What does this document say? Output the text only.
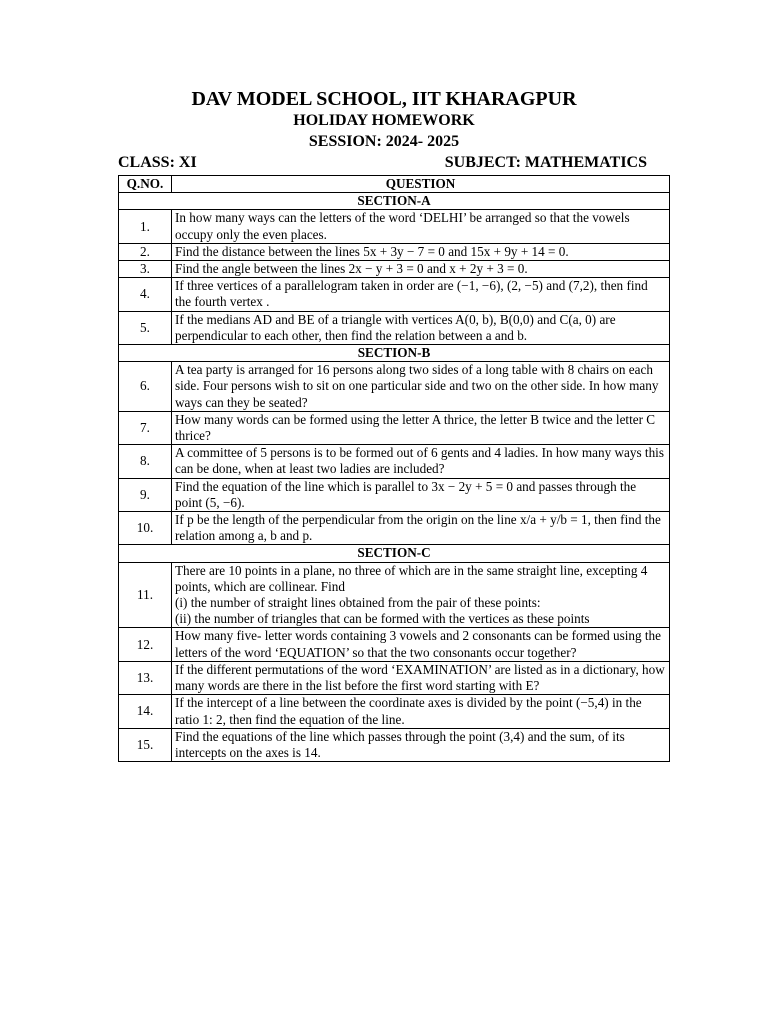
DAV MODEL SCHOOL, IIT KHARAGPUR
HOLIDAY HOMEWORK
SESSION: 2024- 2025
CLASS: XI	SUBJECT: MATHEMATICS
Q.NO.	QUESTION
SECTION-A	
1.	In how many ways can the letters of the word ‘DELHI’ be arranged so that the vowels occupy only the even places.

2.	Find the distance between the lines 5x + 3y − 7 = 0 and 15x + 9y + 14 = 0.

3.	Find the angle between the lines 2x − y + 3 = 0 and x + 2y + 3 = 0.

4.	If three vertices of a parallelogram taken in order are (−1, −6), (2, −5) and (7,2), then find the fourth vertex .

5.	If the medians AD and BE of a triangle with vertices A(0, b), B(0,0) and C(a, 0) are perpendicular to each other, then find the relation between a and b.

SECTION-B	
6.	A tea party is arranged for 16 persons along two sides of a long table with 8 chairs on each side. Four persons wish to sit on one particular side and two on the other side. In how many ways can they be seated?

7.	How many words can be formed using the letter A thrice, the letter B twice and the letter C thrice?

8.	A committee of 5 persons is to be formed out of 6 gents and 4 ladies. In how many ways this can be done, when at least two ladies are included?

9.	Find the equation of the line which is parallel to 3x − 2y + 5 = 0 and passes through the point (5, −6).

10.	If p be the length of the perpendicular from the origin on the line x/a + y/b = 1, then find the relation among a, b and p.

SECTION-C	
11.	There are 10 points in a plane, no three of which are in the same straight line, excepting 4 points, which are collinear. Find
(i) the number of straight lines obtained from the pair of these points:
(ii) the number of triangles that can be formed with the vertices as these points

12.	How many five- letter words containing 3 vowels and 2 consonants can be formed using the letters of the word ‘EQUATION’ so that the two consonants occur together?

13.	If the different permutations of the word ‘EXAMINATION’ are listed as in a dictionary, how many words are there in the list before the first word starting with E?

14.	If the intercept of a line between the coordinate axes is divided by the point (−5,4) in the ratio 1: 2, then find the equation of the line.

15.	Find the equations of the line which passes through the point (3,4) and the sum, of its intercepts on the axes is 14.
